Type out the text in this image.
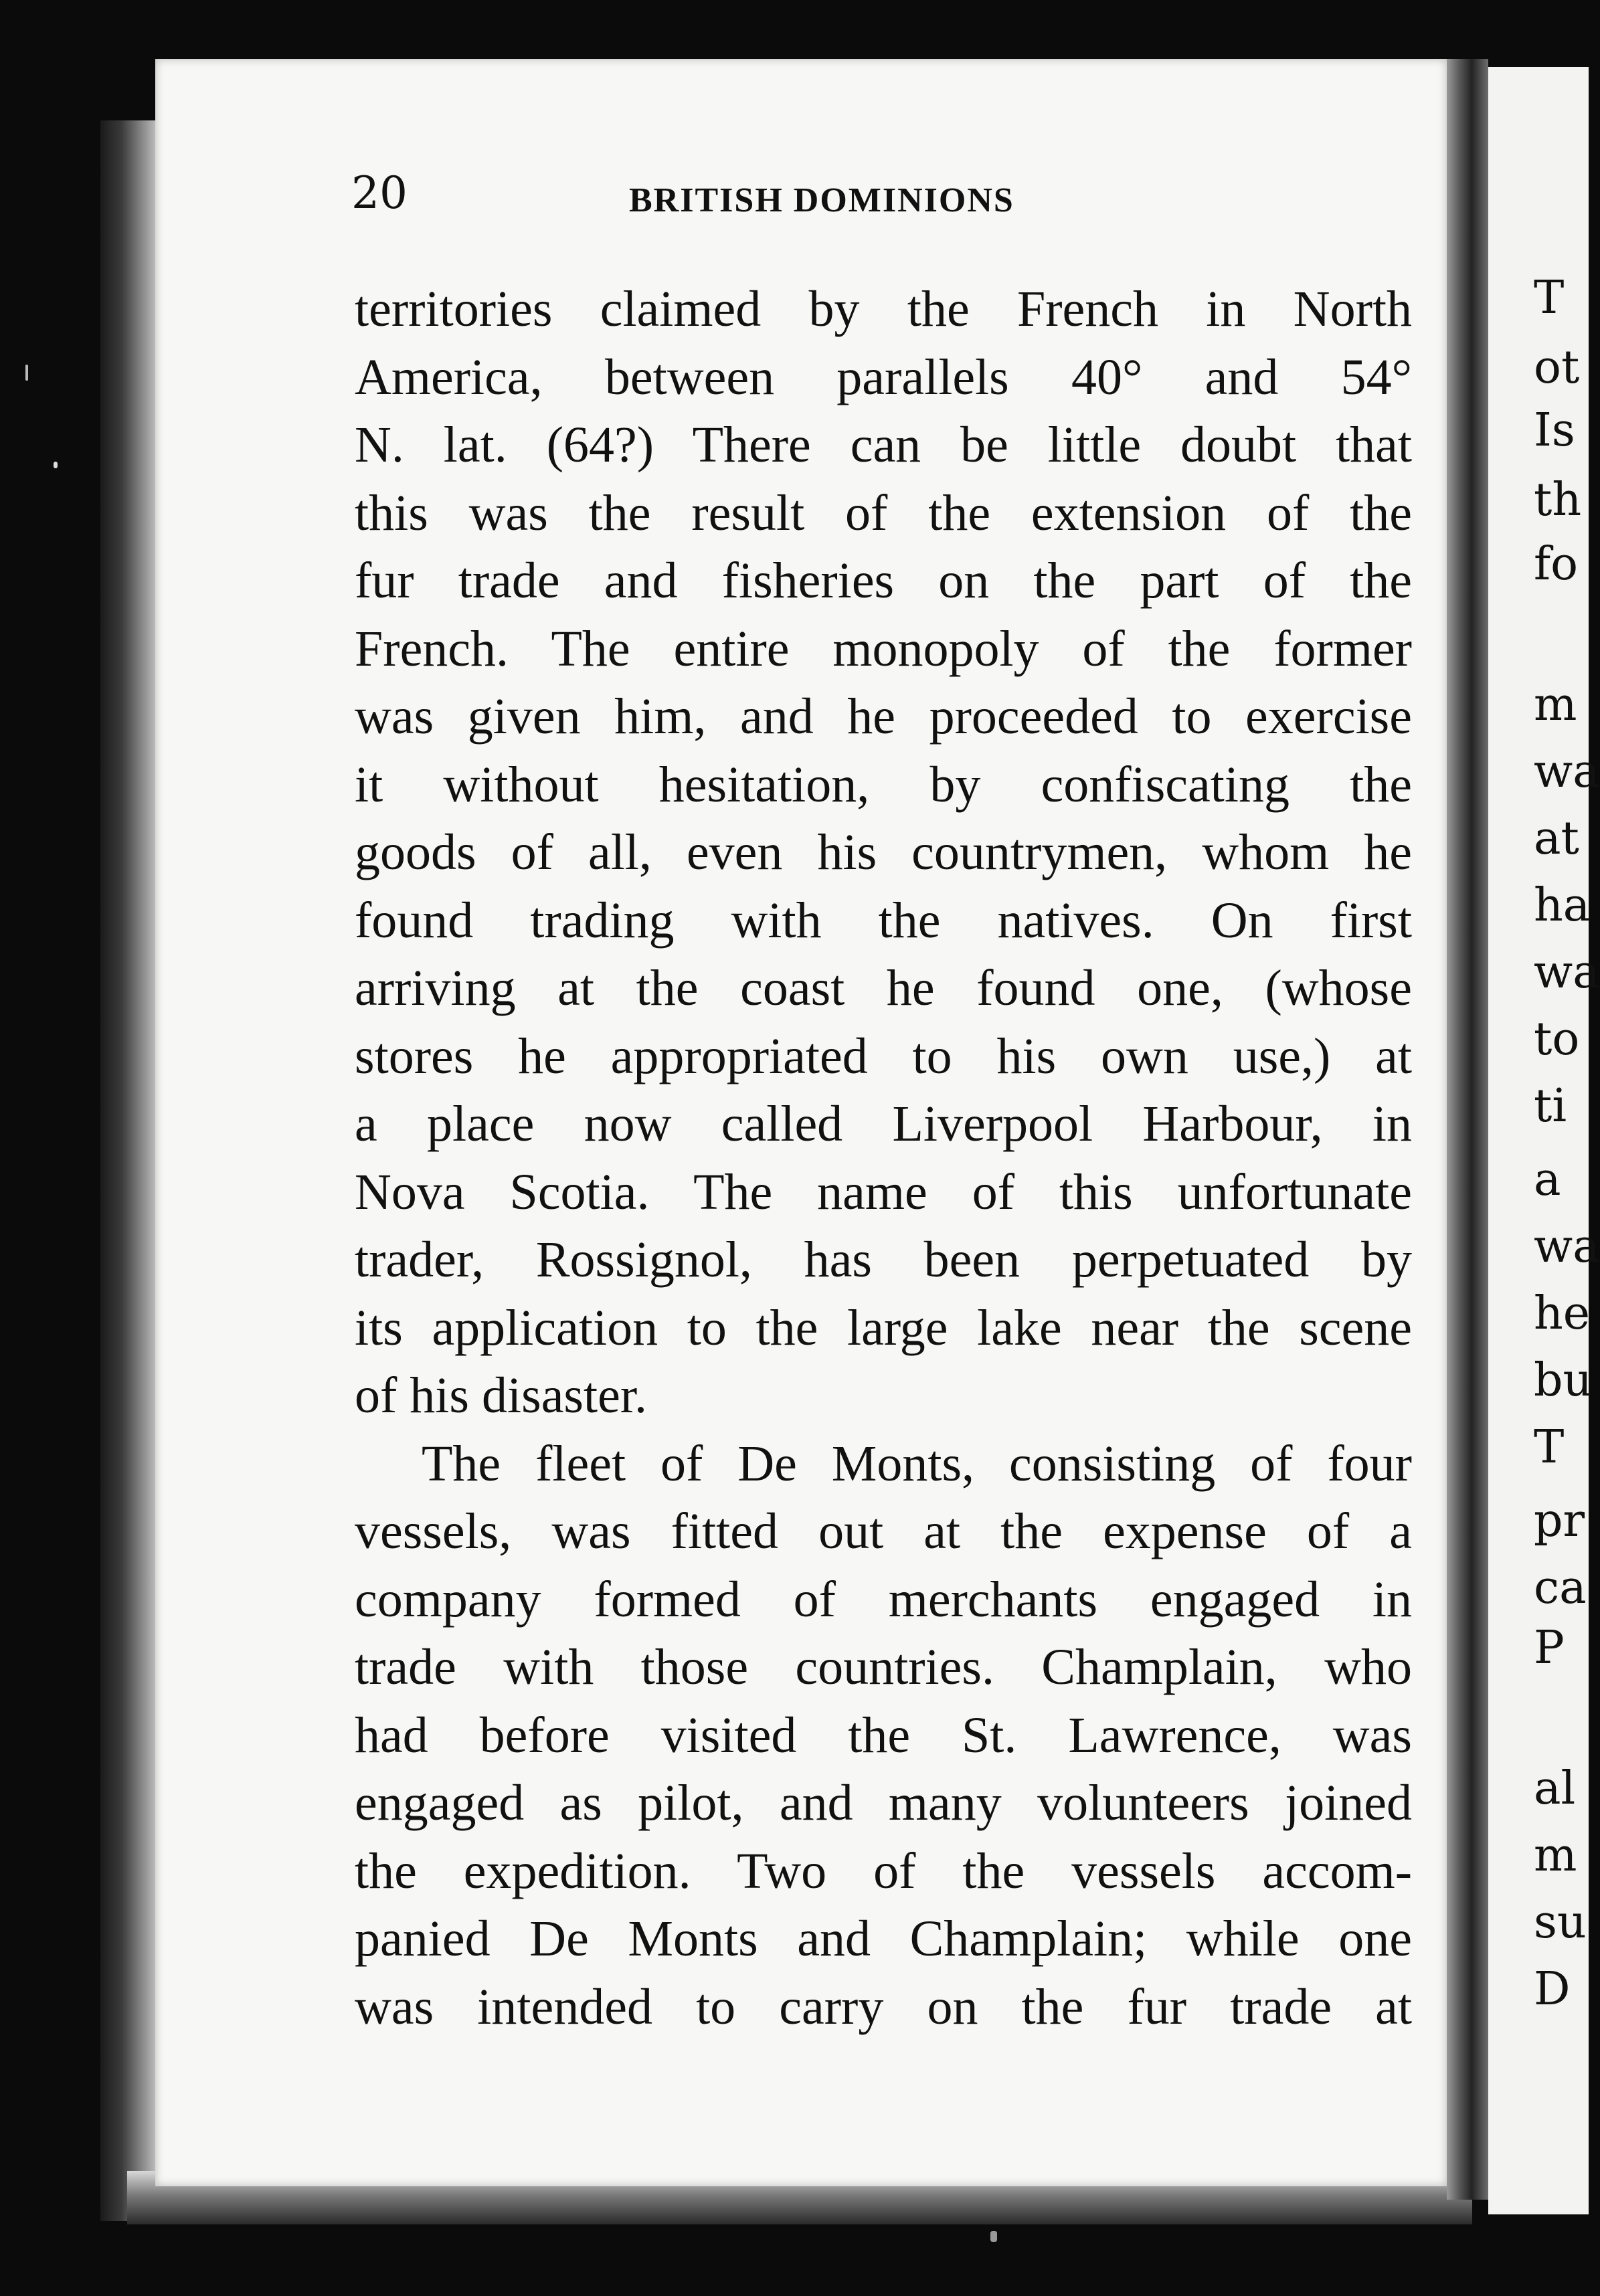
T
ot
Is
th
fo
m
wa
at
ha
wa
to
ti
a
wa
he
bu
T
pr
ca
P
al
m
su
D
20	BRITISH DOMINIONS
territories claimed by the French in North
America, between parallels 40° and 54°
N. lat. (64?) There can be little doubt that
this was the result of the extension of the
fur trade and fisheries on the part of the
French. The entire monopoly of the former
was given him, and he proceeded to exercise
it without hesitation, by confiscating the
goods of all, even his countrymen, whom he
found trading with the natives. On first
arriving at the coast he found one, (whose
stores he appropriated to his own use,) at
a place now called Liverpool Harbour, in
Nova Scotia. The name of this unfortunate
trader, Rossignol, has been perpetuated by
its application to the large lake near the scene
of his disaster.
The fleet of De Monts, consisting of four
vessels, was fitted out at the expense of a
company formed of merchants engaged in
trade with those countries. Champlain, who
had before visited the St. Lawrence, was
engaged as pilot, and many volunteers joined
the expedition. Two of the vessels accom-
panied De Monts and Champlain; while one
was intended to carry on the fur trade at
